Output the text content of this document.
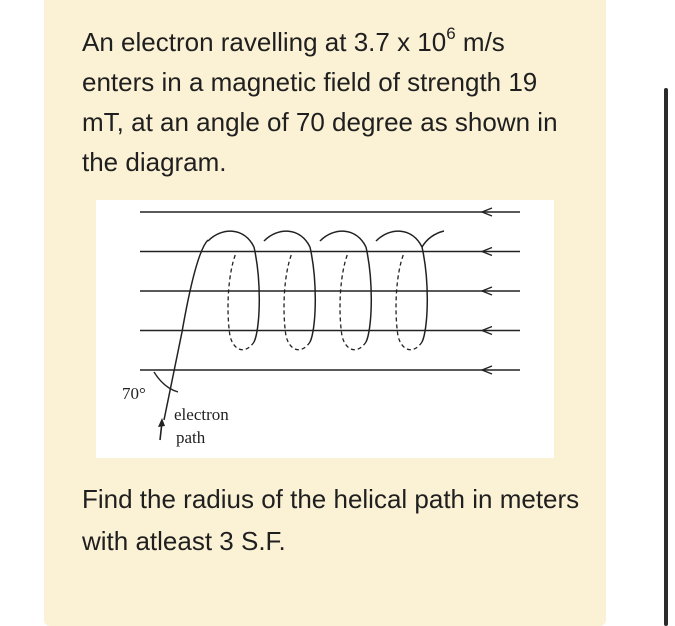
An electron ravelling at 3.7 x $10^6$ m/s enters in a magnetic field of strength 19 mT, at an angle of 70 degree as shown in the diagram.

70°
electron
path

Find the radius of the helical path in meters with atleast 3 S.F.
